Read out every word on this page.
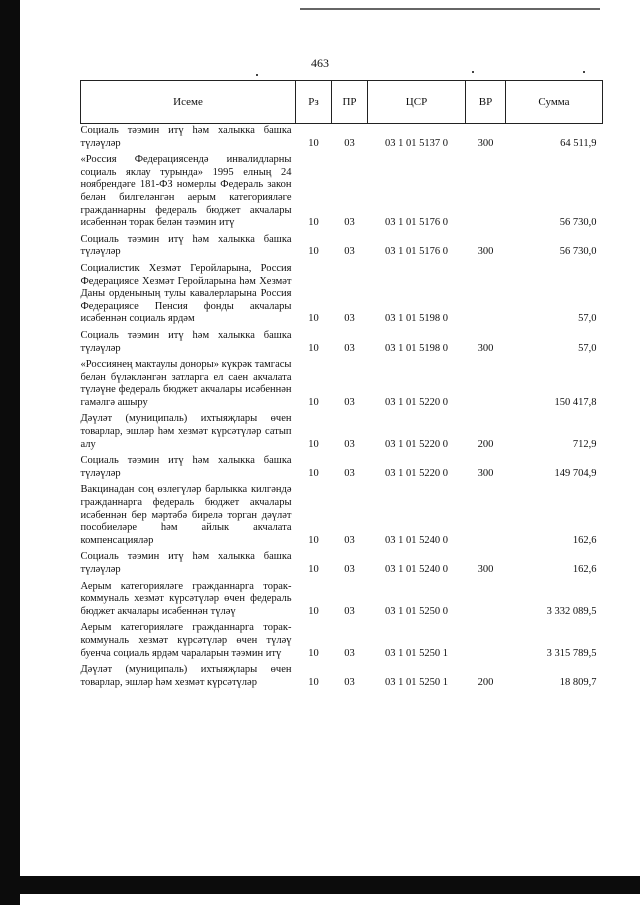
463
Исеме	Рз	ПР	ЦСР	ВР	Сумма
Социаль тәэмин итү һәм халыкка башка түләүләр	10	03	03 1 01 5137 0	300	64 511,9
«Россия Федерациясендә инвалидларны социаль яклау турында» 1995 елның 24 ноябрендәге 181-ФЗ номерлы Федераль закон белән билгеләнгән аерым категорияләге гражданнарны федераль бюджет акчалары исәбеннән торак белән тәэмин итү	10	03	03 1 01 5176 0		56 730,0
Социаль тәэмин итү һәм халыкка башка түләүләр	10	03	03 1 01 5176 0	300	56 730,0
Социалистик Хезмәт Геройларына, Россия Федерациясе Хезмәт Геройларына һәм Хезмәт Даны орденының тулы кавалерларына Россия Федерациясе Пенсия фонды акчалары исәбеннән социаль ярдәм	10	03	03 1 01 5198 0		57,0
Социаль тәэмин итү һәм халыкка башка түләүләр	10	03	03 1 01 5198 0	300	57,0
«Россиянең мактаулы доноры» күкрәк тамгасы белән бүләкләнгән затларга ел саен акчалата түләүне федераль бюджет акчалары исәбеннән гамәлгә ашыру	10	03	03 1 01 5220 0		150 417,8
Дәүләт (муниципаль) ихтыяҗлары өчен товарлар, эшләр һәм хезмәт күрсәтүләр сатып алу	10	03	03 1 01 5220 0	200	712,9
Социаль тәэмин итү һәм халыкка башка түләүләр	10	03	03 1 01 5220 0	300	149 704,9
Вакцинадан соң өзлегүләр барлыкка килгәндә гражданнарга федераль бюджет акчалары исәбеннән бер мәртәбә бирелә торган дәүләт пособиеләре һәм айлык акчалата компенсацияләр	10	03	03 1 01 5240 0		162,6
Социаль тәэмин итү һәм халыкка башка түләүләр	10	03	03 1 01 5240 0	300	162,6
Аерым категорияләге гражданнарга торак-коммуналь хезмәт күрсәтүләр өчен федераль бюджет акчалары исәбеннән түләү	10	03	03 1 01 5250 0		3 332 089,5
Аерым категорияләге гражданнарга торак-коммуналь хезмәт күрсәтүләр өчен түләү буенча социаль ярдәм чараларын тәэмин итү	10	03	03 1 01 5250 1		3 315 789,5
Дәүләт (муниципаль) ихтыяҗлары өчен товарлар, эшләр һәм хезмәт күрсәтүләр	10	03	03 1 01 5250 1	200	18 809,7
